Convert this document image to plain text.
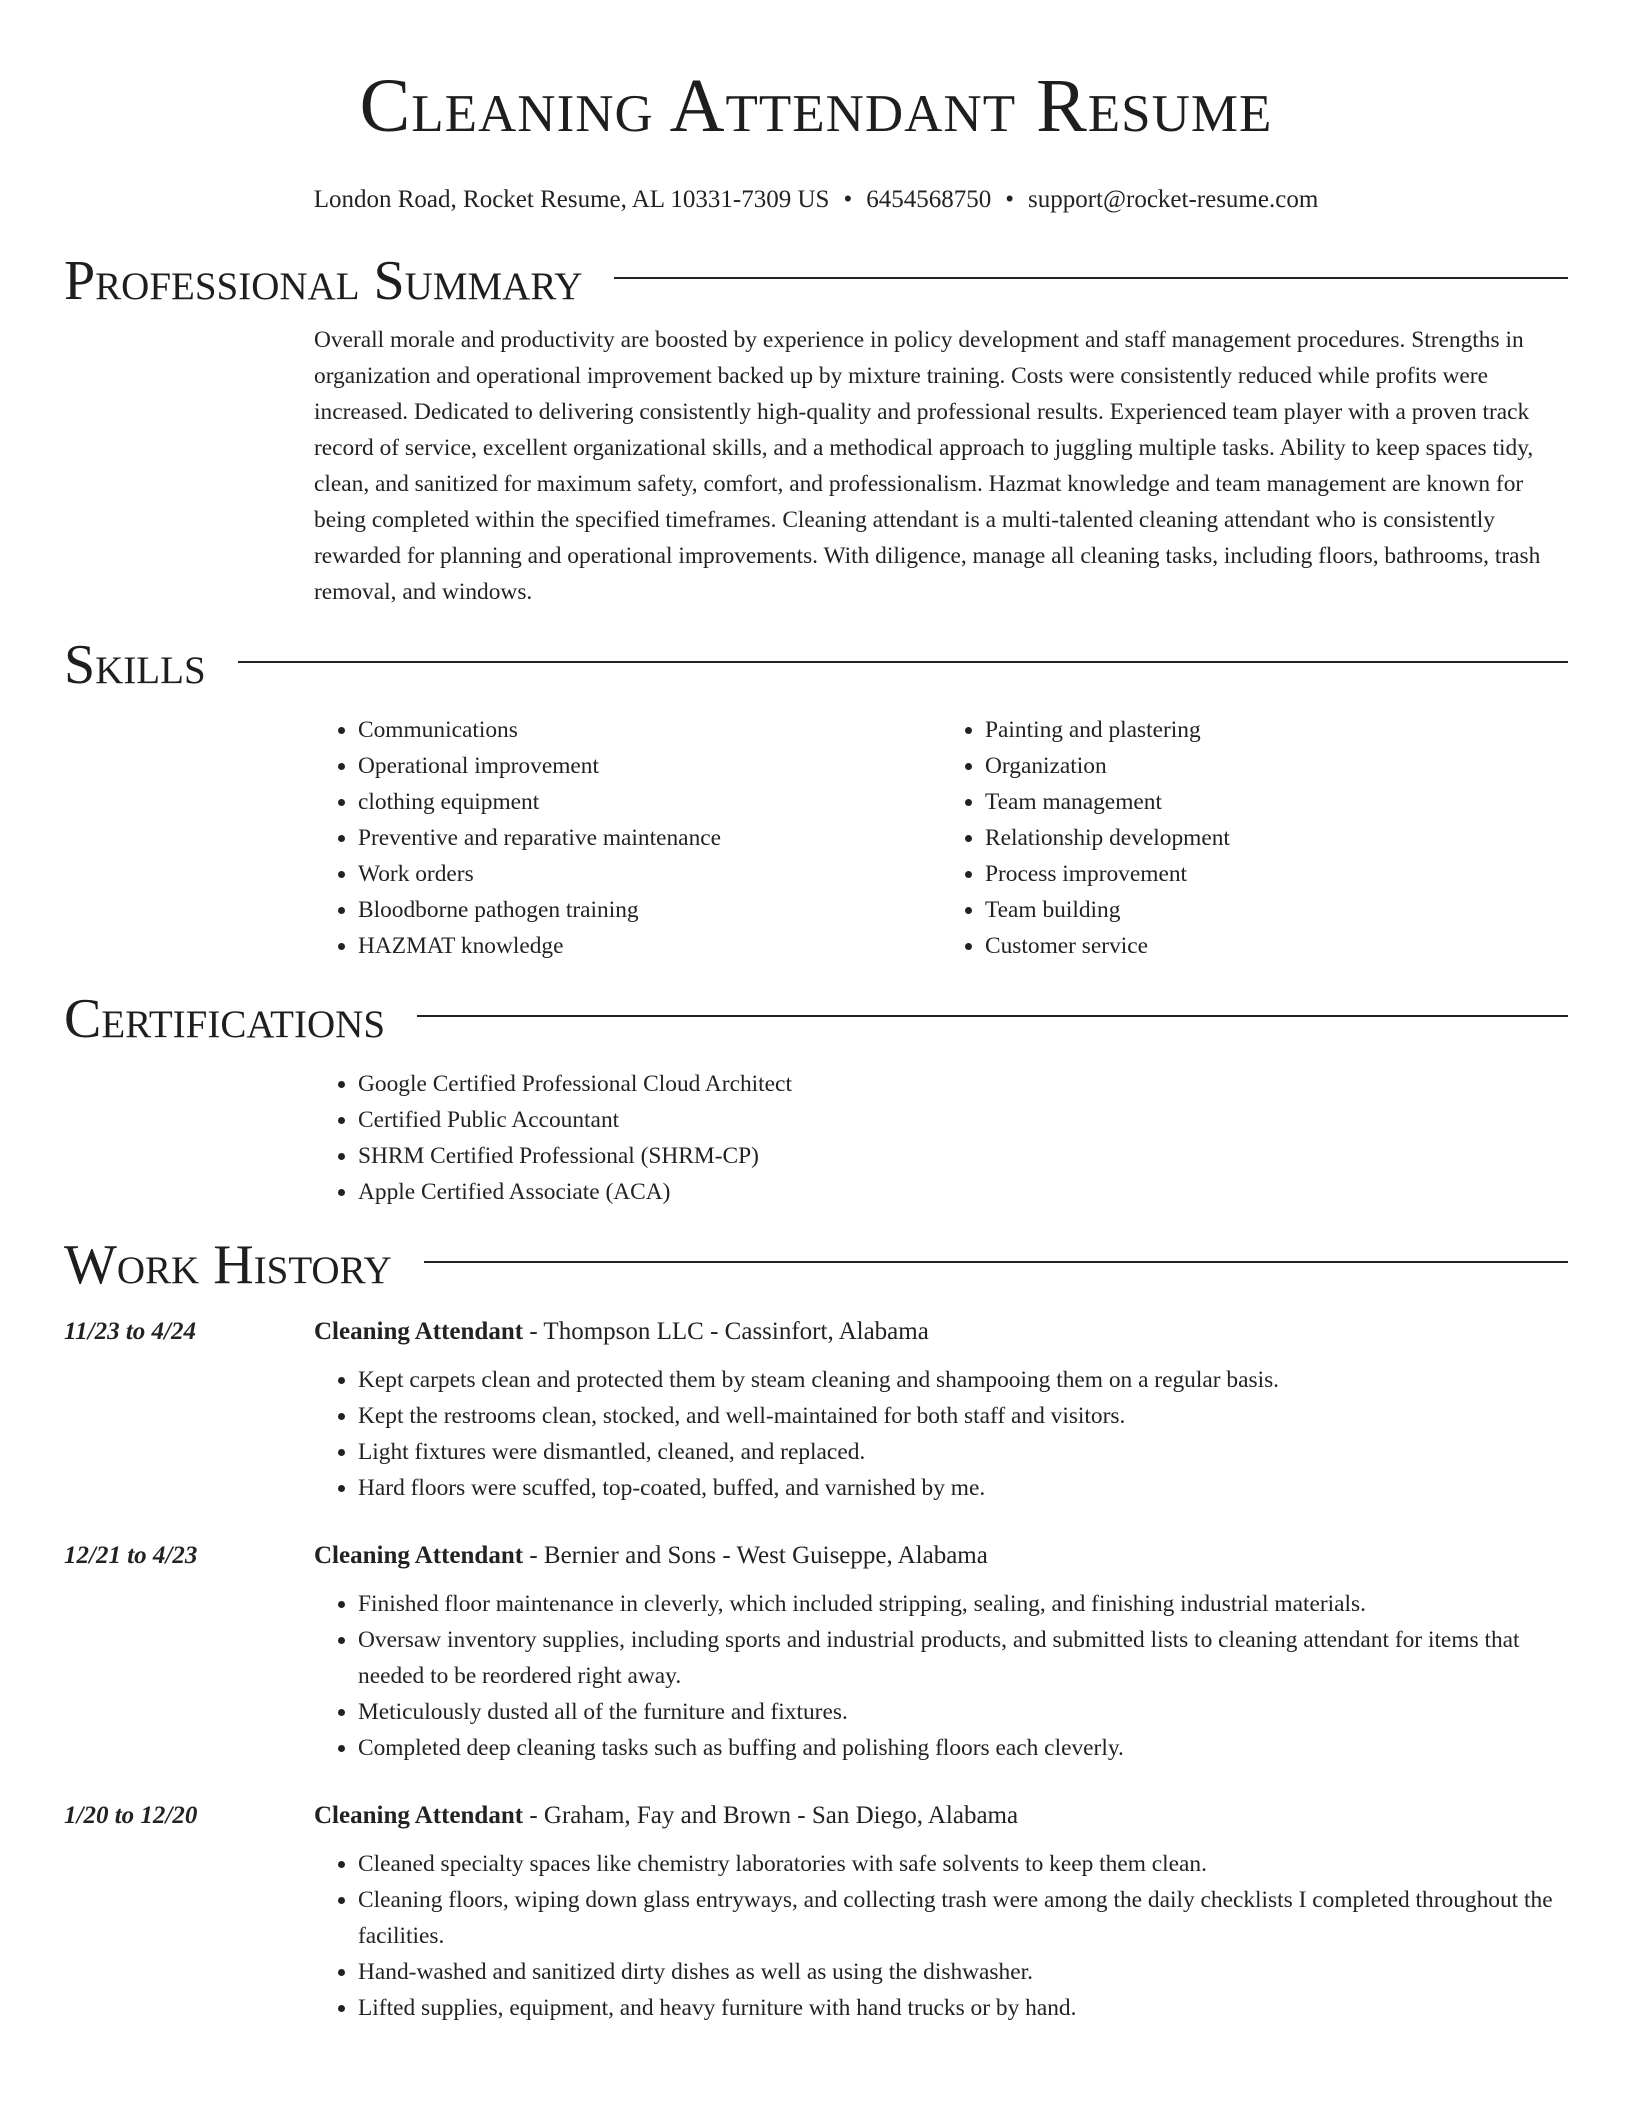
Cleaning Attendant Resume
London Road, Rocket Resume, AL 10331-7309 US • 6454568750 • support@rocket-resume.com
Professional Summary

Overall morale and productivity are boosted by experience in policy development and staff management procedures. Strengths in organization and operational improvement backed up by mixture training. Costs were consistently reduced while profits were increased. Dedicated to delivering consistently high-quality and professional results. Experienced team player with a proven track record of service, excellent organizational skills, and a methodical approach to juggling multiple tasks. Ability to keep spaces tidy, clean, and sanitized for maximum safety, comfort, and professionalism. Hazmat knowledge and team management are known for being completed within the specified timeframes. Cleaning attendant is a multi-talented cleaning attendant who is consistently rewarded for planning and operational improvements. With diligence, manage all cleaning tasks, including floors, bathrooms, trash removal, and windows.

Skills
• Communications
• Operational improvement
• clothing equipment
• Preventive and reparative maintenance
• Work orders
• Bloodborne pathogen training
• HAZMAT knowledge
• Painting and plastering
• Organization
• Team management
• Relationship development
• Process improvement
• Team building
• Customer service
Certifications
• Google Certified Professional Cloud Architect
• Certified Public Accountant
• SHRM Certified Professional (SHRM-CP)
• Apple Certified Associate (ACA)
Work History
11/23 to 4/24	Cleaning Attendant - Thompson LLC - Cassinfort, Alabama
• Kept carpets clean and protected them by steam cleaning and shampooing them on a regular basis.
• Kept the restrooms clean, stocked, and well-maintained for both staff and visitors.
• Light fixtures were dismantled, cleaned, and replaced.
• Hard floors were scuffed, top-coated, buffed, and varnished by me.
12/21 to 4/23	Cleaning Attendant - Bernier and Sons - West Guiseppe, Alabama
• Finished floor maintenance in cleverly, which included stripping, sealing, and finishing industrial materials.
• Oversaw inventory supplies, including sports and industrial products, and submitted lists to cleaning attendant for items that needed to be reordered right away.
• Meticulously dusted all of the furniture and fixtures.
• Completed deep cleaning tasks such as buffing and polishing floors each cleverly.
1/20 to 12/20	Cleaning Attendant - Graham, Fay and Brown - San Diego, Alabama
• Cleaned specialty spaces like chemistry laboratories with safe solvents to keep them clean.
• Cleaning floors, wiping down glass entryways, and collecting trash were among the daily checklists I completed throughout the facilities.
• Hand-washed and sanitized dirty dishes as well as using the dishwasher.
• Lifted supplies, equipment, and heavy furniture with hand trucks or by hand.
